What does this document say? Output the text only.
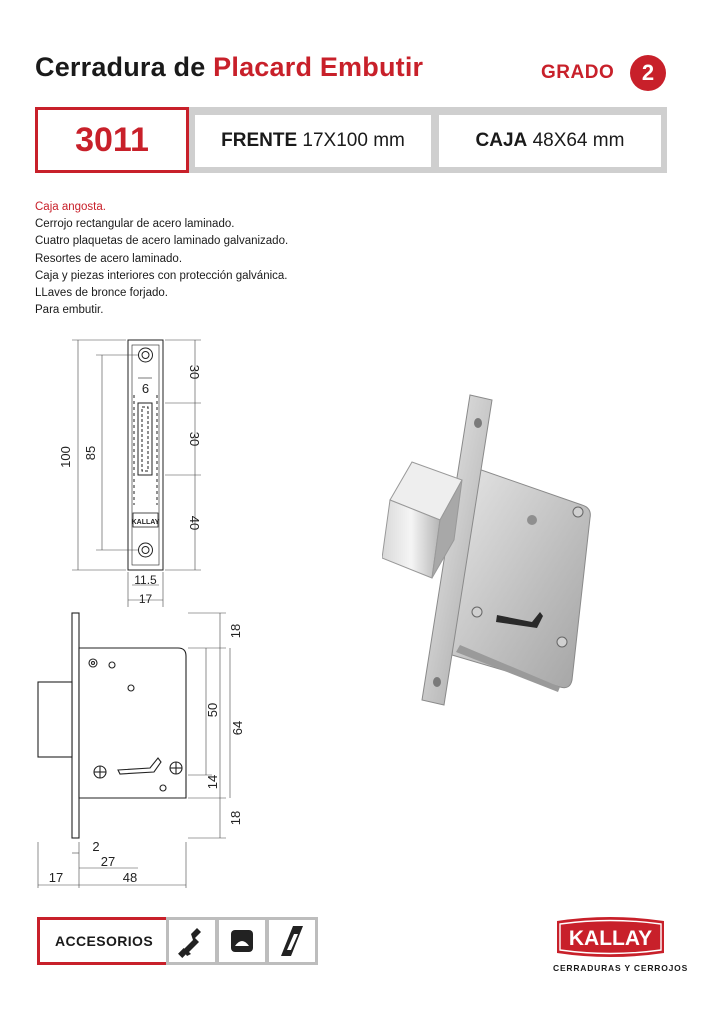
Cerradura de Placard Embutir	GRADO	2
3011	FRENTE 17X100 mm	CAJA 48X64 mm
Caja angosta.
Cerrojo rectangular de acero laminado.
Cuatro plaquetas de acero laminado galvanizado.
Resortes de acero laminado.
Caja y piezas interiores con protección galvánica.
LLaves de bronce forjado.
Para embutir.
100 85
30
30
40
6
11.5
17
KALLAY
18
50
64
14
18
2
27
17	48
ACCESORIOS	KALLAY
CERRADURAS Y CERROJOS
